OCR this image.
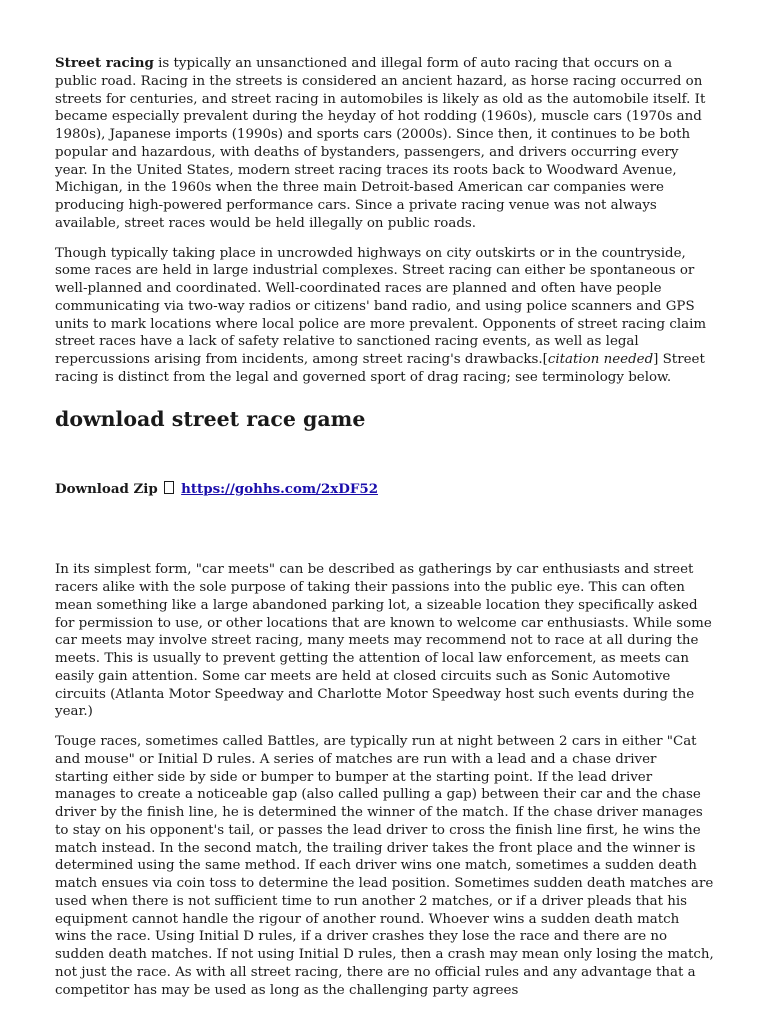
Street racing is typically an unsanctioned and illegal form of auto racing that occurs on a public road. Racing in the streets is considered an ancient hazard, as horse racing occurred on streets for centuries, and street racing in automobiles is likely as old as the automobile itself. It became especially prevalent during the heyday of hot rodding (1960s), muscle cars (1970s and 1980s), Japanese imports (1990s) and sports cars (2000s). Since then, it continues to be both popular and hazardous, with deaths of bystanders, passengers, and drivers occurring every year. In the United States, modern street racing traces its roots back to Woodward Avenue, Michigan, in the 1960s when the three main Detroit-based American car companies were producing high-powered performance cars. Since a private racing venue was not always available, street races would be held illegally on public roads.

Though typically taking place in uncrowded highways on city outskirts or in the countryside, some races are held in large industrial complexes. Street racing can either be spontaneous or well-planned and coordinated. Well-coordinated races are planned and often have people communicating via two-way radios or citizens' band radio, and using police scanners and GPS units to mark locations where local police are more prevalent. Opponents of street racing claim street races have a lack of safety relative to sanctioned racing events, as well as legal repercussions arising from incidents, among street racing's drawbacks.[citation needed] Street racing is distinct from the legal and governed sport of drag racing; see terminology below.

download street race game

Download Zip https://gohhs.com/2xDF52

In its simplest form, "car meets" can be described as gatherings by car enthusiasts and street racers alike with the sole purpose of taking their passions into the public eye. This can often mean something like a large abandoned parking lot, a sizeable location they specifically asked for permission to use, or other locations that are known to welcome car enthusiasts. While some car meets may involve street racing, many meets may recommend not to race at all during the meets. This is usually to prevent getting the attention of local law enforcement, as meets can easily gain attention. Some car meets are held at closed circuits such as Sonic Automotive circuits (Atlanta Motor Speedway and Charlotte Motor Speedway host such events during the year.)

Touge races, sometimes called Battles, are typically run at night between 2 cars in either "Cat and mouse" or Initial D rules. A series of matches are run with a lead and a chase driver starting either side by side or bumper to bumper at the starting point. If the lead driver manages to create a noticeable gap (also called pulling a gap) between their car and the chase driver by the finish line, he is determined the winner of the match. If the chase driver manages to stay on his opponent's tail, or passes the lead driver to cross the finish line first, he wins the match instead. In the second match, the trailing driver takes the front place and the winner is determined using the same method. If each driver wins one match, sometimes a sudden death match ensues via coin toss to determine the lead position. Sometimes sudden death matches are used when there is not sufficient time to run another 2 matches, or if a driver pleads that his equipment cannot handle the rigour of another round. Whoever wins a sudden death match wins the race. Using Initial D rules, if a driver crashes they lose the race and there are no sudden death matches. If not using Initial D rules, then a crash may mean only losing the match, not just the race. As with all street racing, there are no official rules and any advantage that a competitor has may be used as long as the challenging party agrees
